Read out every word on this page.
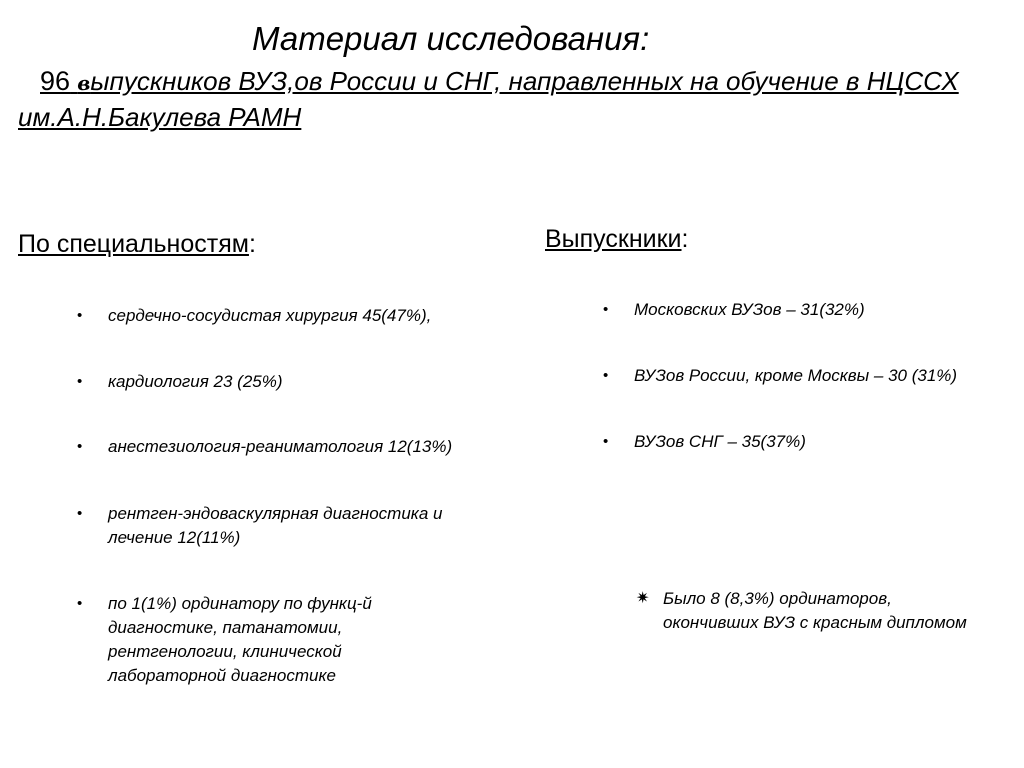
Материал исследования:
96 выпускников ВУЗ,ов России и СНГ, направленных на обучение в НЦССХ им.А.Н.Бакулева РАМН
По специальностям:
• сердечно-сосудистая хирургия 45(47%),
• кардиология 23 (25%)
• анестезиология-реаниматология 12(13%)
• рентген-эндоваскулярная диагностика и лечение 12(11%)
• по 1(1%) ординатору по функц-й диагностике, патанатомии, рентгенологии, клинической лабораторной диагностике
Выпускники:
• Московских ВУЗов – 31(32%)
• ВУЗов России, кроме Москвы – 30 (31%)
• ВУЗов СНГ – 35(37%)
✷ Было 8 (8,3%) ординаторов, окончивших ВУЗ с красным дипломом
